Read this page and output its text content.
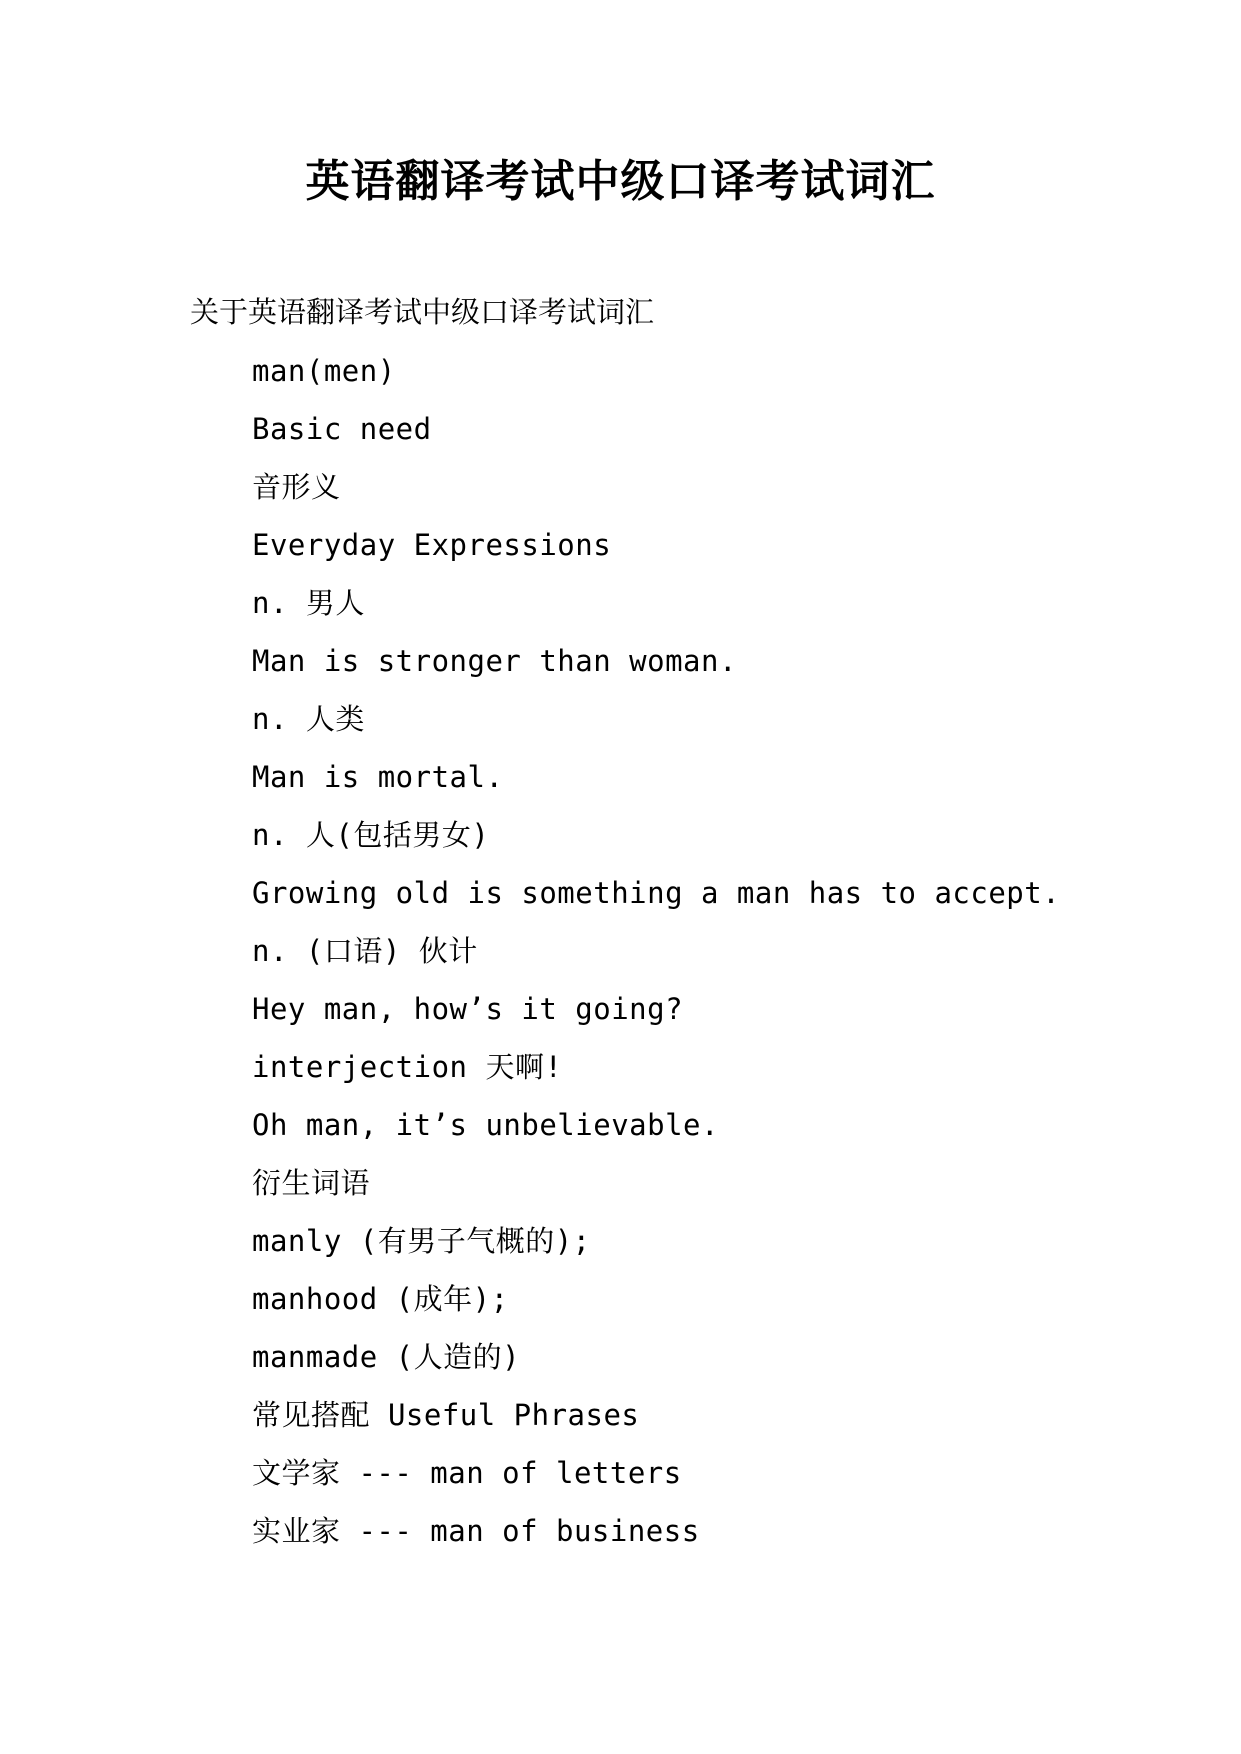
英语翻译考试中级口译考试词汇

关于英语翻译考试中级口译考试词汇

man(men)
Basic need
音形义
Everyday Expressions
n. 男人
Man is stronger than woman.
n. 人类
Man is mortal.
n. 人(包括男女)
Growing old is something a man has to accept.
n. (口语) 伙计
Hey man, how’s it going?
interjection 天啊!
Oh man, it’s unbelievable.
衍生词语
manly (有男子气概的);
manhood (成年);
manmade (人造的)
常见搭配 Useful Phrases
文学家 --- man of letters
实业家 --- man of business
